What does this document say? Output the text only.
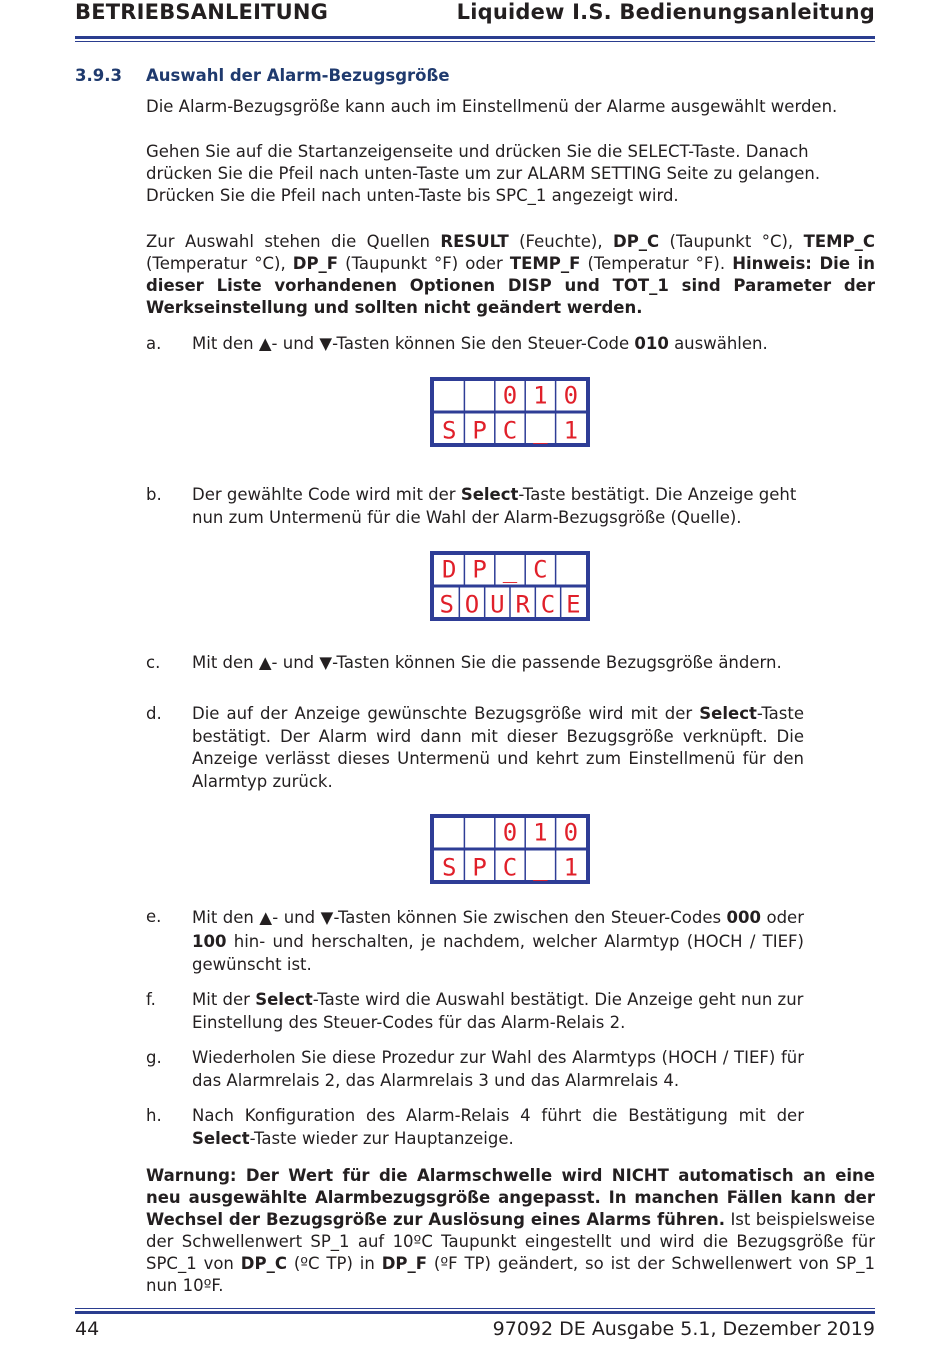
BETRIEBSANLEITUNG	Liquidew I.S. Bedienungsanleitung
3.9.3 Auswahl der Alarm-Bezugsgröße
Die Alarm-Bezugsgröße kann auch im Einstellmenü der Alarme ausgewählt werden.
Gehen Sie auf die Startanzeigenseite und drücken Sie die SELECT-Taste. Danach drücken Sie die Pfeil nach unten-Taste um zur ALARM SETTING Seite zu gelangen. Drücken Sie die Pfeil nach unten-Taste bis SPC_1 angezeigt wird.
Zur Auswahl stehen die Quellen RESULT (Feuchte), DP_C (Taupunkt °C), TEMP_C (Temperatur °C), DP_F (Taupunkt °F) oder TEMP_F (Temperatur °F). Hinweis: Die in dieser Liste vorhandenen Optionen DISP und TOT_1 sind Parameter der Werkseinstellung und sollten nicht geändert werden.
a. Mit den ▲- und ▼-Tasten können Sie den Steuer-Code 010 auswählen.
0 1 0
S P C _ 1
b. Der gewählte Code wird mit der Select-Taste bestätigt. Die Anzeige geht nun zum Untermenü für die Wahl der Alarm-Bezugsgröße (Quelle).
D P _ C
S O U R C E
c. Mit den ▲- und ▼-Tasten können Sie die passende Bezugsgröße ändern.
d. Die auf der Anzeige gewünschte Bezugsgröße wird mit der Select-Taste bestätigt. Der Alarm wird dann mit dieser Bezugsgröße verknüpft. Die Anzeige verlässt dieses Untermenü und kehrt zum Einstellmenü für den Alarmtyp zurück.
0 1 0
S P C _ 1
e. Mit den ▲- und ▼-Tasten können Sie zwischen den Steuer-Codes 000 oder 100 hin- und herschalten, je nachdem, welcher Alarmtyp (HOCH / TIEF) gewünscht ist.
f. Mit der Select-Taste wird die Auswahl bestätigt. Die Anzeige geht nun zur Einstellung des Steuer-Codes für das Alarm-Relais 2.
g. Wiederholen Sie diese Prozedur zur Wahl des Alarmtyps (HOCH / TIEF) für das Alarmrelais 2, das Alarmrelais 3 und das Alarmrelais 4.
h. Nach Konfiguration des Alarm-Relais 4 führt die Bestätigung mit der Select-Taste wieder zur Hauptanzeige.
Warnung: Der Wert für die Alarmschwelle wird NICHT automatisch an eine neu ausgewählte Alarmbezugsgröße angepasst. In manchen Fällen kann der Wechsel der Bezugsgröße zur Auslösung eines Alarms führen. Ist beispielsweise der Schwellenwert SP_1 auf 10ºC Taupunkt eingestellt und wird die Bezugsgröße für SPC_1 von DP_C (ºC TP) in DP_F (ºF TP) geändert, so ist der Schwellenwert von SP_1 nun 10ºF.
44	97092 DE Ausgabe 5.1, Dezember 2019
